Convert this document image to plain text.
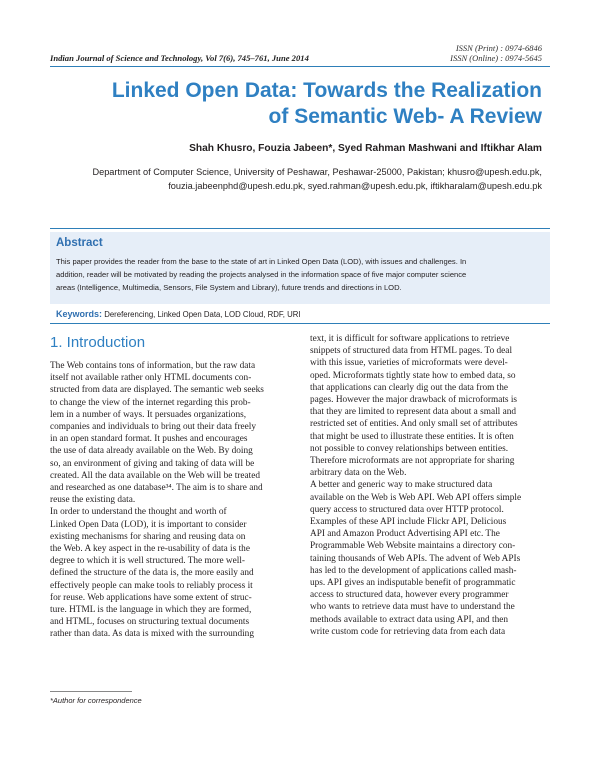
ISSN (Print) : 0974-6846
ISSN (Online) : 0974-5645
Indian Journal of Science and Technology, Vol 7(6), 745–761, June 2014
Linked Open Data: Towards the Realization
of Semantic Web- A Review
Shah Khusro, Fouzia Jabeen*, Syed Rahman Mashwani and Iftikhar Alam
Department of Computer Science, University of Peshawar, Peshawar-25000, Pakistan; khusro@upesh.edu.pk,
fouzia.jabeenphd@upesh.edu.pk, syed.rahman@upesh.edu.pk, iftikharalam@upesh.edu.pk
Abstract
This paper provides the reader from the base to the state of art in Linked Open Data (LOD), with issues and challenges. In
addition, reader will be motivated by reading the projects analysed in the information space of five major computer science
areas (Intelligence, Multimedia, Sensors, File System and Library), future trends and directions in LOD.
Keywords: Dereferencing, Linked Open Data, LOD Cloud, RDF, URI
1. Introduction
The Web contains tons of information, but the raw data
itself not available rather only HTML documents con-
structed from data are displayed. The semantic web seeks
to change the view of the internet regarding this prob-
lem in a number of ways. It persuades organizations,
companies and individuals to bring out their data freely
in an open standard format. It pushes and encourages
the use of data already available on the Web. By doing
so, an environment of giving and taking of data will be
created. All the data available on the Web will be treated
and researched as one database³⁴. The aim is to share and
reuse the existing data.
In order to understand the thought and worth of
Linked Open Data (LOD), it is important to consider
existing mechanisms for sharing and reusing data on
the Web. A key aspect in the re-usability of data is the
degree to which it is well structured. The more well-
defined the structure of the data is, the more easily and
effectively people can make tools to reliably process it
for reuse. Web applications have some extent of struc-
ture. HTML is the language in which they are formed,
and HTML, focuses on structuring textual documents
rather than data. As data is mixed with the surrounding
text, it is difficult for software applications to retrieve
snippets of structured data from HTML pages. To deal
with this issue, varieties of microformats were devel-
oped. Microformats tightly state how to embed data, so
that applications can clearly dig out the data from the
pages. However the major drawback of microformats is
that they are limited to represent data about a small and
restricted set of entities. And only small set of attributes
that might be used to illustrate these entities. It is often
not possible to convey relationships between entities.
Therefore microformats are not appropriate for sharing
arbitrary data on the Web.
A better and generic way to make structured data
available on the Web is Web API. Web API offers simple
query access to structured data over HTTP protocol.
Examples of these API include Flickr API, Delicious
API and Amazon Product Advertising API etc. The
Programmable Web Website maintains a directory con-
taining thousands of Web APIs. The advent of Web APIs
has led to the development of applications called mash-
ups. API gives an indisputable benefit of programmatic
access to structured data, however every programmer
who wants to retrieve data must have to understand the
methods available to extract data using API, and then
write custom code for retrieving data from each data
*Author for correspondence
